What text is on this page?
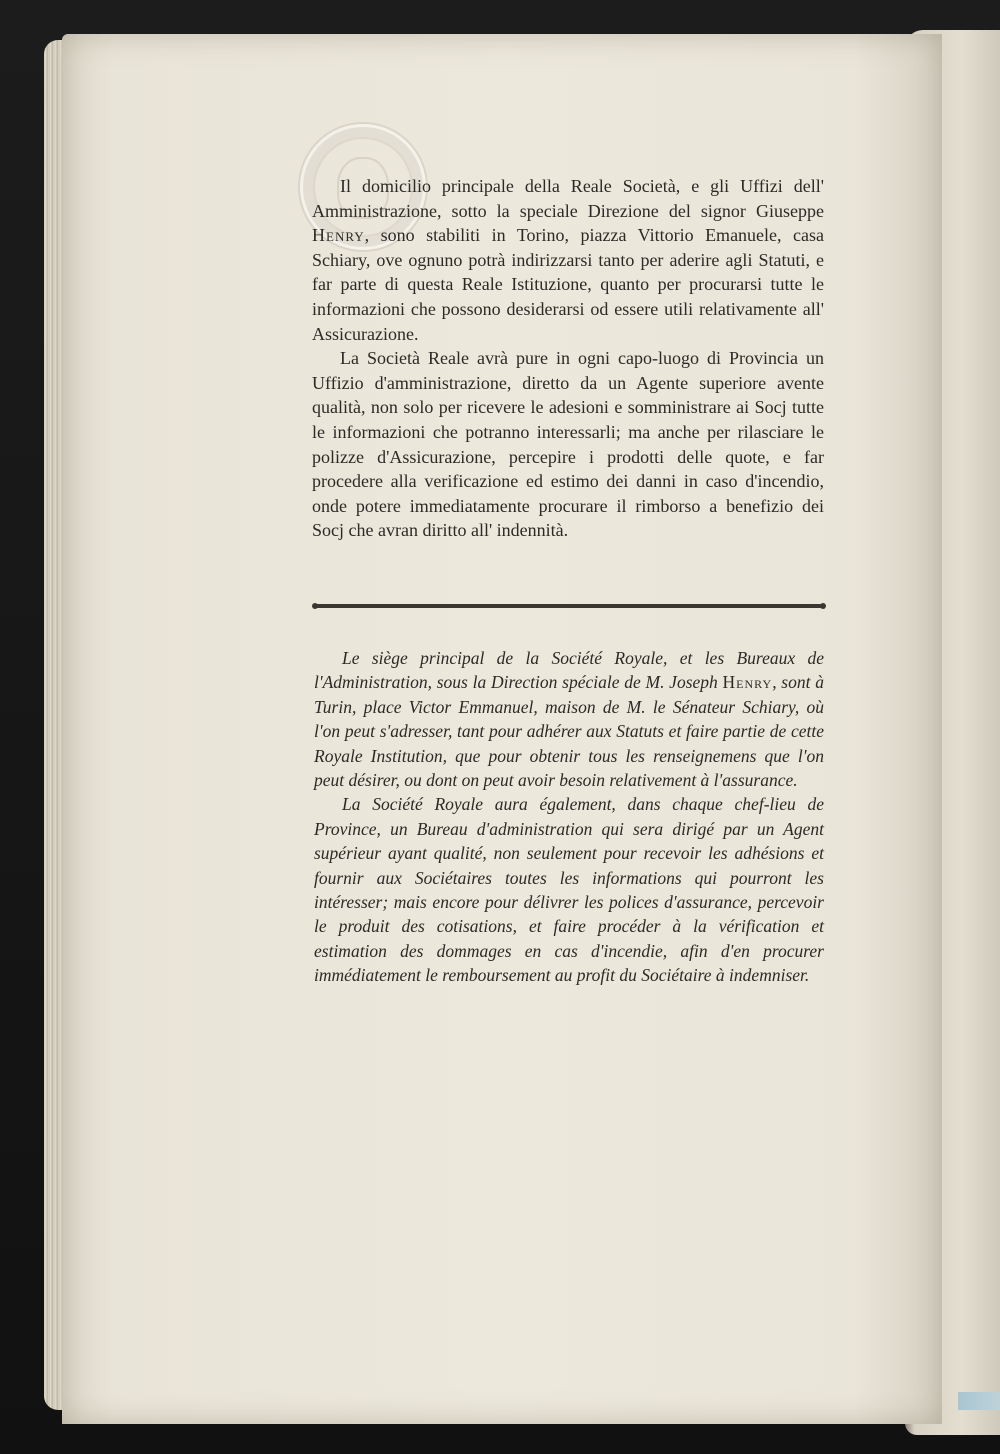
Il domicilio principale della Reale Società, e gli Uffizi dell' Amministrazione, sotto la speciale Direzione del signor Giuseppe Henry, sono stabiliti in Torino, piazza Vittorio Emanuele, casa Schiary, ove ognuno potrà indirizzarsi tanto per aderire agli Statuti, e far parte di questa Reale Istituzione, quanto per procurarsi tutte le informazioni che possono desiderarsi od essere utili relativamente all' Assicurazione.

La Società Reale avrà pure in ogni capo-luogo di Provincia un Uffizio d'amministrazione, diretto da un Agente superiore avente qualità, non solo per ricevere le adesioni e somministrare ai Socj tutte le informazioni che potranno interessarli; ma anche per rilasciare le polizze d'Assicurazione, percepire i prodotti delle quote, e far procedere alla verificazione ed estimo dei danni in caso d'incendio, onde potere immediatamente procurare il rimborso a benefizio dei Socj che avran diritto all' indennità.

Le siège principal de la Société Royale, et les Bureaux de l'Administration, sous la Direction spéciale de M. Joseph Henry, sont à Turin, place Victor Emmanuel, maison de M. le Sénateur Schiary, où l'on peut s'adresser, tant pour adhérer aux Statuts et faire partie de cette Royale Institution, que pour obtenir tous les renseignemens que l'on peut désirer, ou dont on peut avoir besoin relativement à l'assurance.

La Société Royale aura également, dans chaque chef-lieu de Province, un Bureau d'administration qui sera dirigé par un Agent supérieur ayant qualité, non seulement pour recevoir les adhésions et fournir aux Sociétaires toutes les informations qui pourront les intéresser; mais encore pour délivrer les polices d'assurance, percevoir le produit des cotisations, et faire procéder à la vérification et estimation des dommages en cas d'incendie, afin d'en procurer immédiatement le remboursement au profit du Sociétaire à indemniser.
